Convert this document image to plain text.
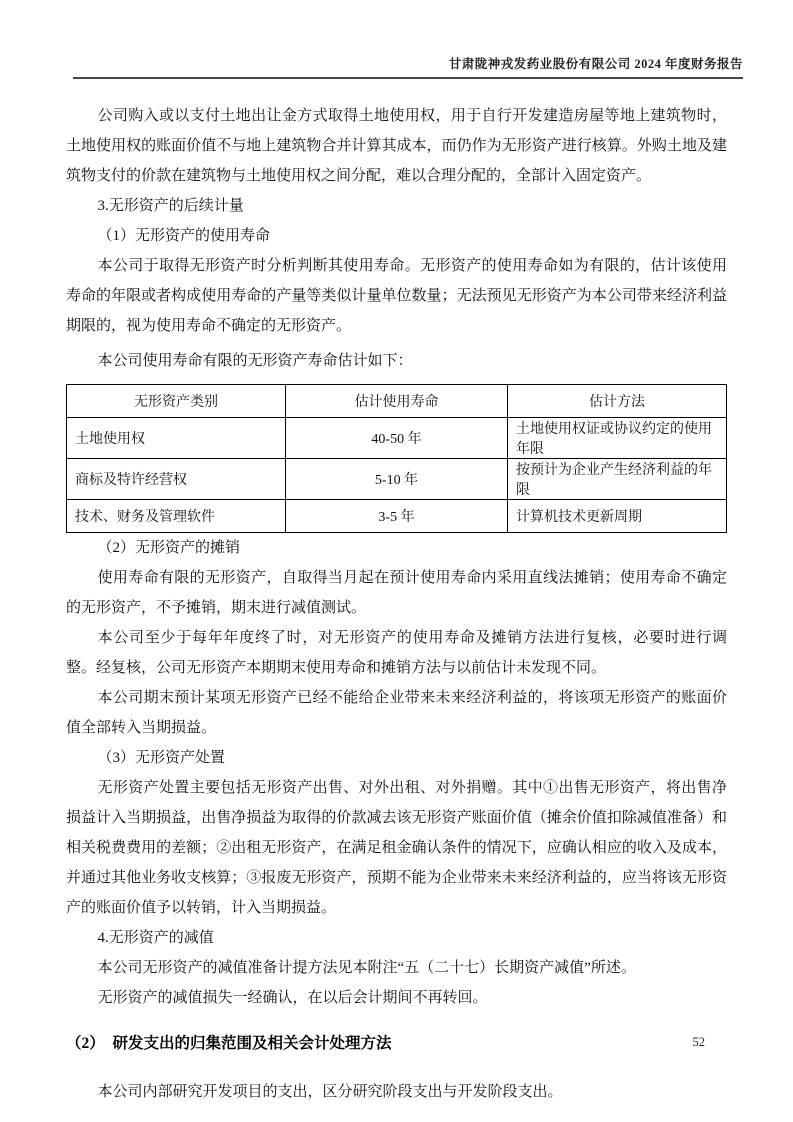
甘肃陇神戎发药业股份有限公司 2024 年度财务报告

公司购入或以支付土地出让金方式取得土地使用权，用于自行开发建造房屋等地上建筑物时，土地使用权的账面价值不与地上建筑物合并计算其成本，而仍作为无形资产进行核算。外购土地及建筑物支付的价款在建筑物与土地使用权之间分配，难以合理分配的，全部计入固定资产。

3.无形资产的后续计量

（1）无形资产的使用寿命

本公司于取得无形资产时分析判断其使用寿命。无形资产的使用寿命如为有限的，估计该使用寿命的年限或者构成使用寿命的产量等类似计量单位数量；无法预见无形资产为本公司带来经济利益期限的，视为使用寿命不确定的无形资产。

本公司使用寿命有限的无形资产寿命估计如下：

无形资产类别	估计使用寿命	估计方法
土地使用权	40-50 年	土地使用权证或协议约定的使用年限
商标及特许经营权	5-10 年	按预计为企业产生经济利益的年限
技术、财务及管理软件	3-5 年	计算机技术更新周期

（2）无形资产的摊销

使用寿命有限的无形资产，自取得当月起在预计使用寿命内采用直线法摊销；使用寿命不确定的无形资产，不予摊销，期末进行减值测试。

本公司至少于每年年度终了时，对无形资产的使用寿命及摊销方法进行复核，必要时进行调整。经复核，公司无形资产本期期末使用寿命和摊销方法与以前估计未发现不同。

本公司期末预计某项无形资产已经不能给企业带来未来经济利益的，将该项无形资产的账面价值全部转入当期损益。

（3）无形资产处置

无形资产处置主要包括无形资产出售、对外出租、对外捐赠。其中①出售无形资产，将出售净损益计入当期损益，出售净损益为取得的价款减去该无形资产账面价值（摊余价值扣除减值准备）和相关税费费用的差额；②出租无形资产，在满足租金确认条件的情况下，应确认相应的收入及成本，并通过其他业务收支核算；③报废无形资产，预期不能为企业带来未来经济利益的，应当将该无形资产的账面价值予以转销，计入当期损益。

4.无形资产的减值

本公司无形资产的减值准备计提方法见本附注“五（二十七）长期资产减值”所述。

无形资产的减值损失一经确认，在以后会计期间不再转回。

（2）　研发支出的归集范围及相关会计处理方法

本公司内部研究开发项目的支出，区分研究阶段支出与开发阶段支出。

52
